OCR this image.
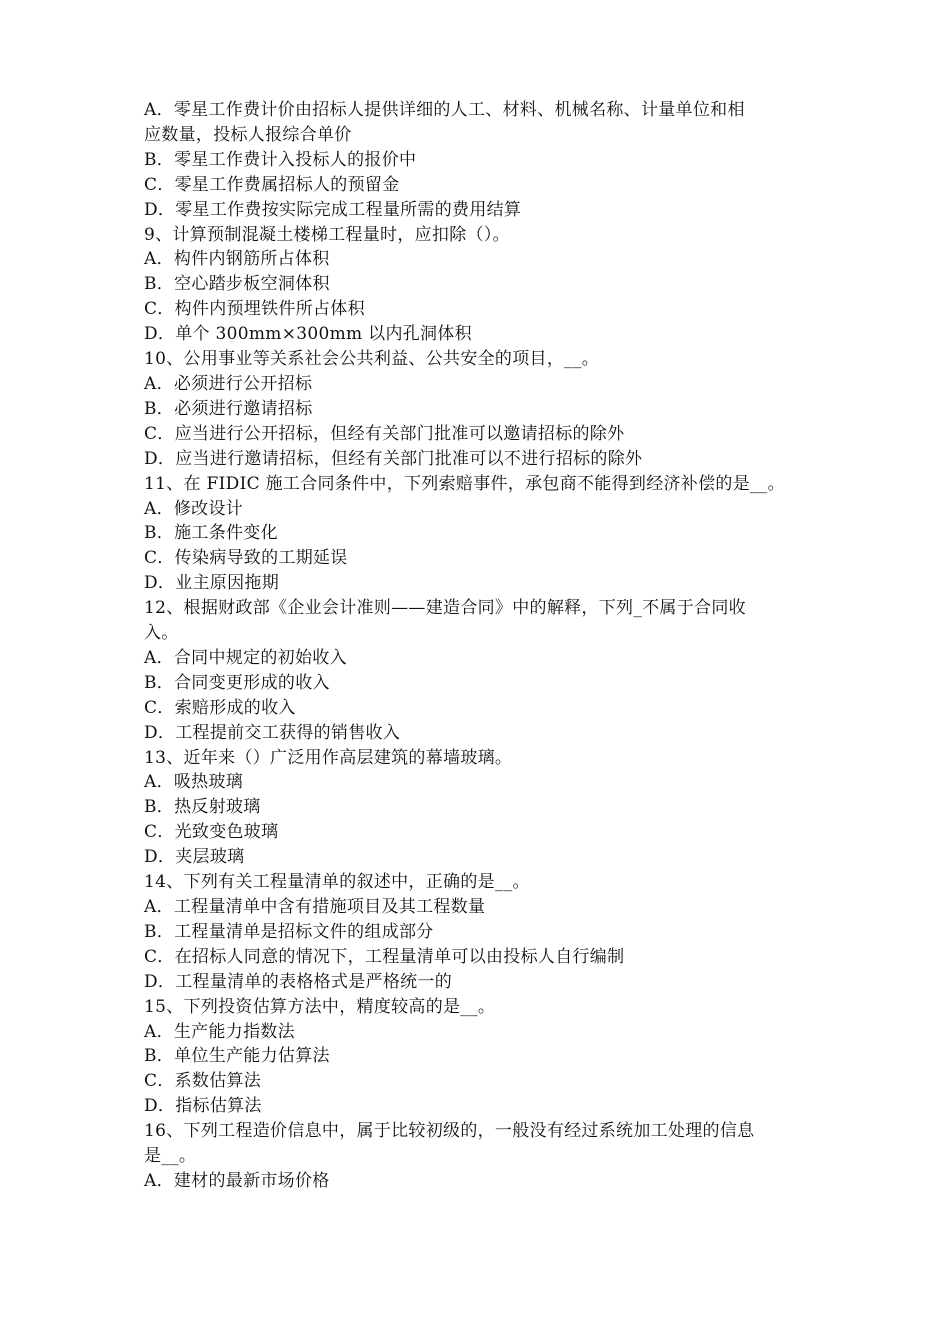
A．零星工作费计价由招标人提供详细的人工、材料、机械名称、计量单位和相
应数量，投标人报综合单价
B．零星工作费计入投标人的报价中
C．零星工作费属招标人的预留金
D．零星工作费按实际完成工程量所需的费用结算
9、计算预制混凝土楼梯工程量时，应扣除（）。
A．构件内钢筋所占体积
B．空心踏步板空洞体积
C．构件内预埋铁件所占体积
D．单个 300mm×300mm 以内孔洞体积
10、公用事业等关系社会公共利益、公共安全的项目，__。
A．必须进行公开招标
B．必须进行邀请招标
C．应当进行公开招标，但经有关部门批准可以邀请招标的除外
D．应当进行邀请招标，但经有关部门批准可以不进行招标的除外
11、在 FIDIC 施工合同条件中，下列索赔事件，承包商不能得到经济补偿的是__。
A．修改设计
B．施工条件变化
C．传染病导致的工期延误
D．业主原因拖期
12、根据财政部《企业会计准则——建造合同》中的解释，下列_不属于合同收
入。
A．合同中规定的初始收入
B．合同变更形成的收入
C．索赔形成的收入
D．工程提前交工获得的销售收入
13、近年来（）广泛用作高层建筑的幕墙玻璃。
A．吸热玻璃
B．热反射玻璃
C．光致变色玻璃
D．夹层玻璃
14、下列有关工程量清单的叙述中，正确的是__。
A．工程量清单中含有措施项目及其工程数量
B．工程量清单是招标文件的组成部分
C．在招标人同意的情况下，工程量清单可以由投标人自行编制
D．工程量清单的表格格式是严格统一的
15、下列投资估算方法中，精度较高的是__。
A．生产能力指数法
B．单位生产能力估算法
C．系数估算法
D．指标估算法
16、下列工程造价信息中，属于比较初级的，一般没有经过系统加工处理的信息
是__。
A．建材的最新市场价格
